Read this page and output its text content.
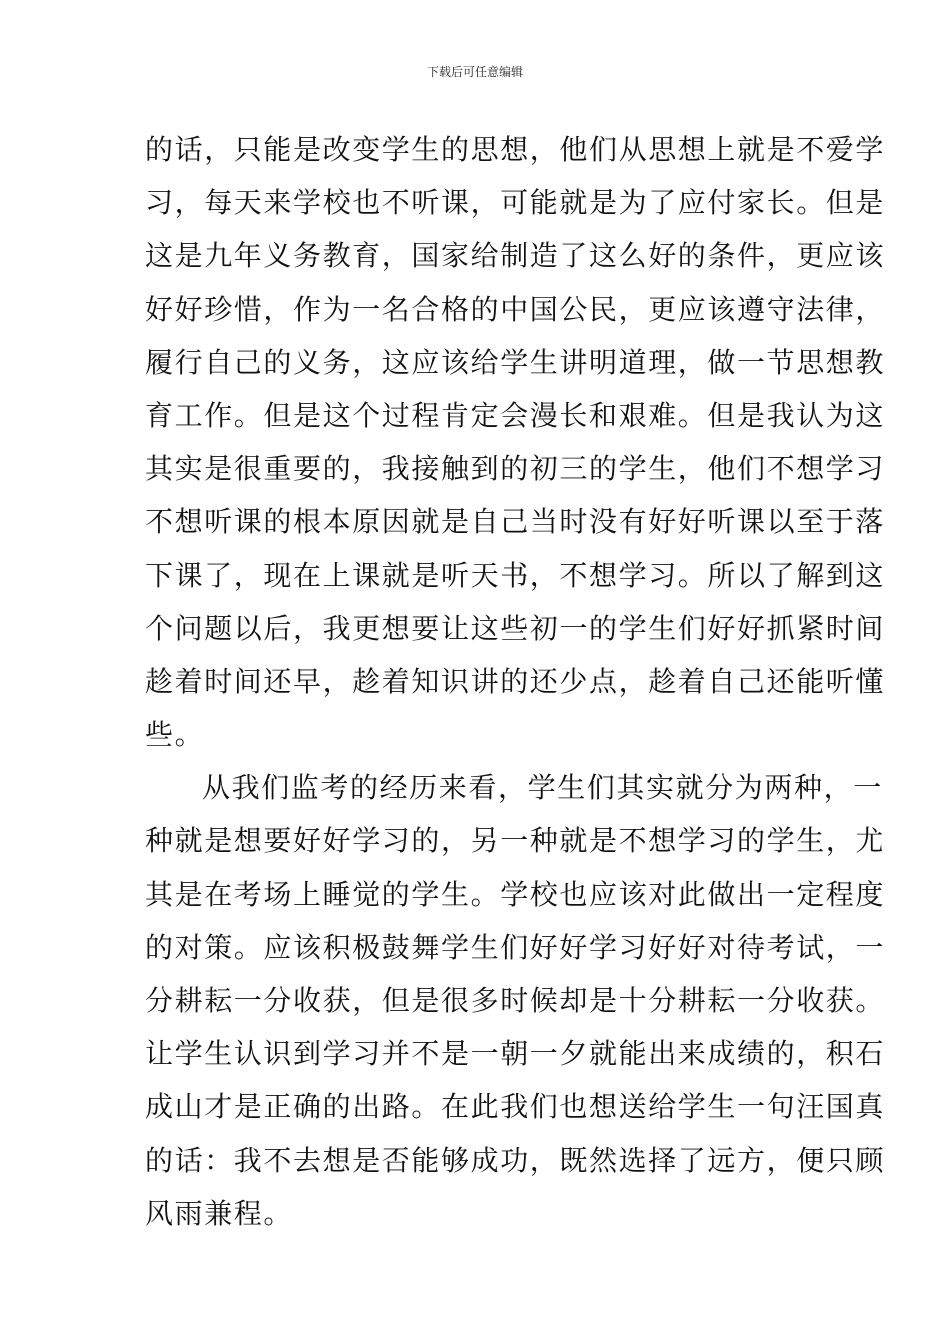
下载后可任意编辑
的话，只能是改变学生的思想，他们从思想上就是不爱学
习，每天来学校也不听课，可能就是为了应付家长。但是
这是九年义务教育，国家给制造了这么好的条件，更应该
好好珍惜，作为一名合格的中国公民，更应该遵守法律，
履行自己的义务，这应该给学生讲明道理，做一节思想教
育工作。但是这个过程肯定会漫长和艰难。但是我认为这
其实是很重要的，我接触到的初三的学生，他们不想学习
不想听课的根本原因就是自己当时没有好好听课以至于落
下课了，现在上课就是听天书，不想学习。所以了解到这
个问题以后，我更想要让这些初一的学生们好好抓紧时间
趁着时间还早，趁着知识讲的还少点，趁着自己还能听懂
些。
从我们监考的经历来看，学生们其实就分为两种，一
种就是想要好好学习的，另一种就是不想学习的学生，尤
其是在考场上睡觉的学生。学校也应该对此做出一定程度
的对策。应该积极鼓舞学生们好好学习好好对待考试，一
分耕耘一分收获，但是很多时候却是十分耕耘一分收获。
让学生认识到学习并不是一朝一夕就能出来成绩的，积石
成山才是正确的出路。在此我们也想送给学生一句汪国真
的话：我不去想是否能够成功，既然选择了远方，便只顾
风雨兼程。
